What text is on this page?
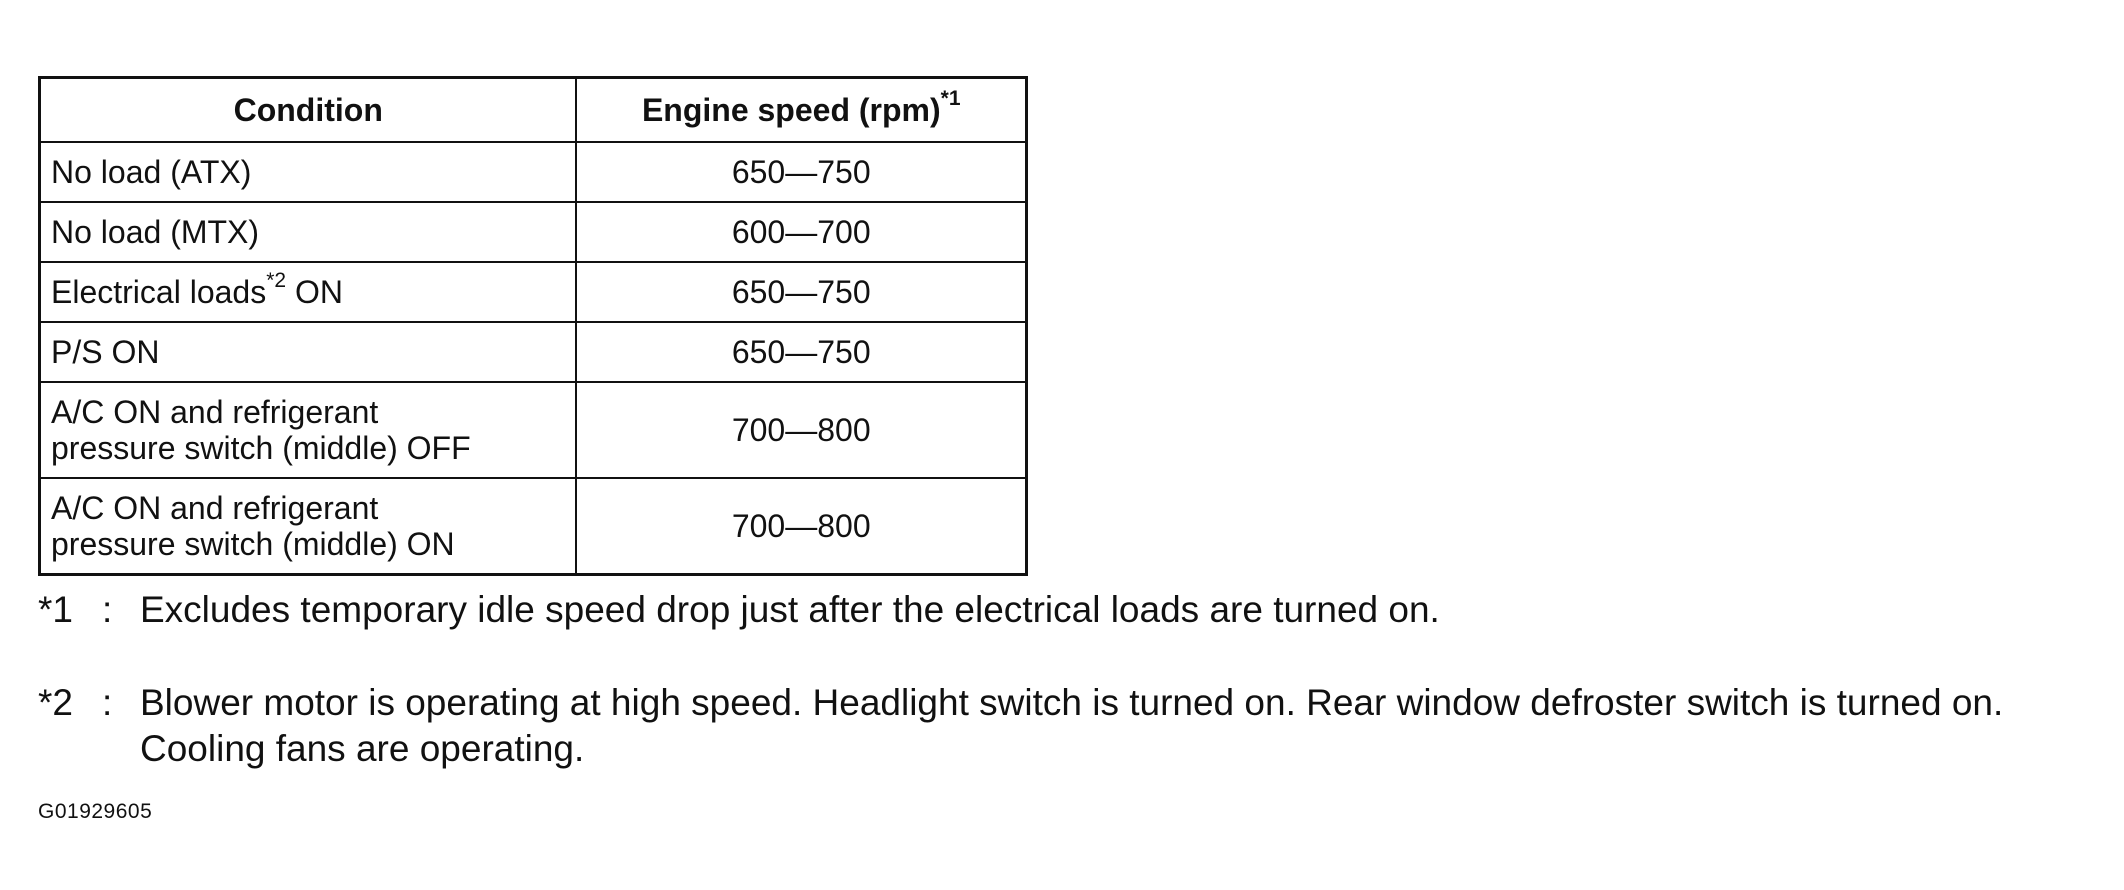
Condition	Engine speed (rpm)$^{*1}$
No load (ATX)	650—750
No load (MTX)	600—700
Electrical loads$^{*2}$ ON	650—750
P/S ON	650—750
A/C ON and refrigerant
pressure switch (middle) OFF	700—800
A/C ON and refrigerant
pressure switch (middle) ON	700—800
*1 : Excludes temporary idle speed drop just after the electrical loads are turned on.
*2 : Blower motor is operating at high speed. Headlight switch is turned on. Rear window defroster switch is turned on. Cooling fans are operating.
G01929605
